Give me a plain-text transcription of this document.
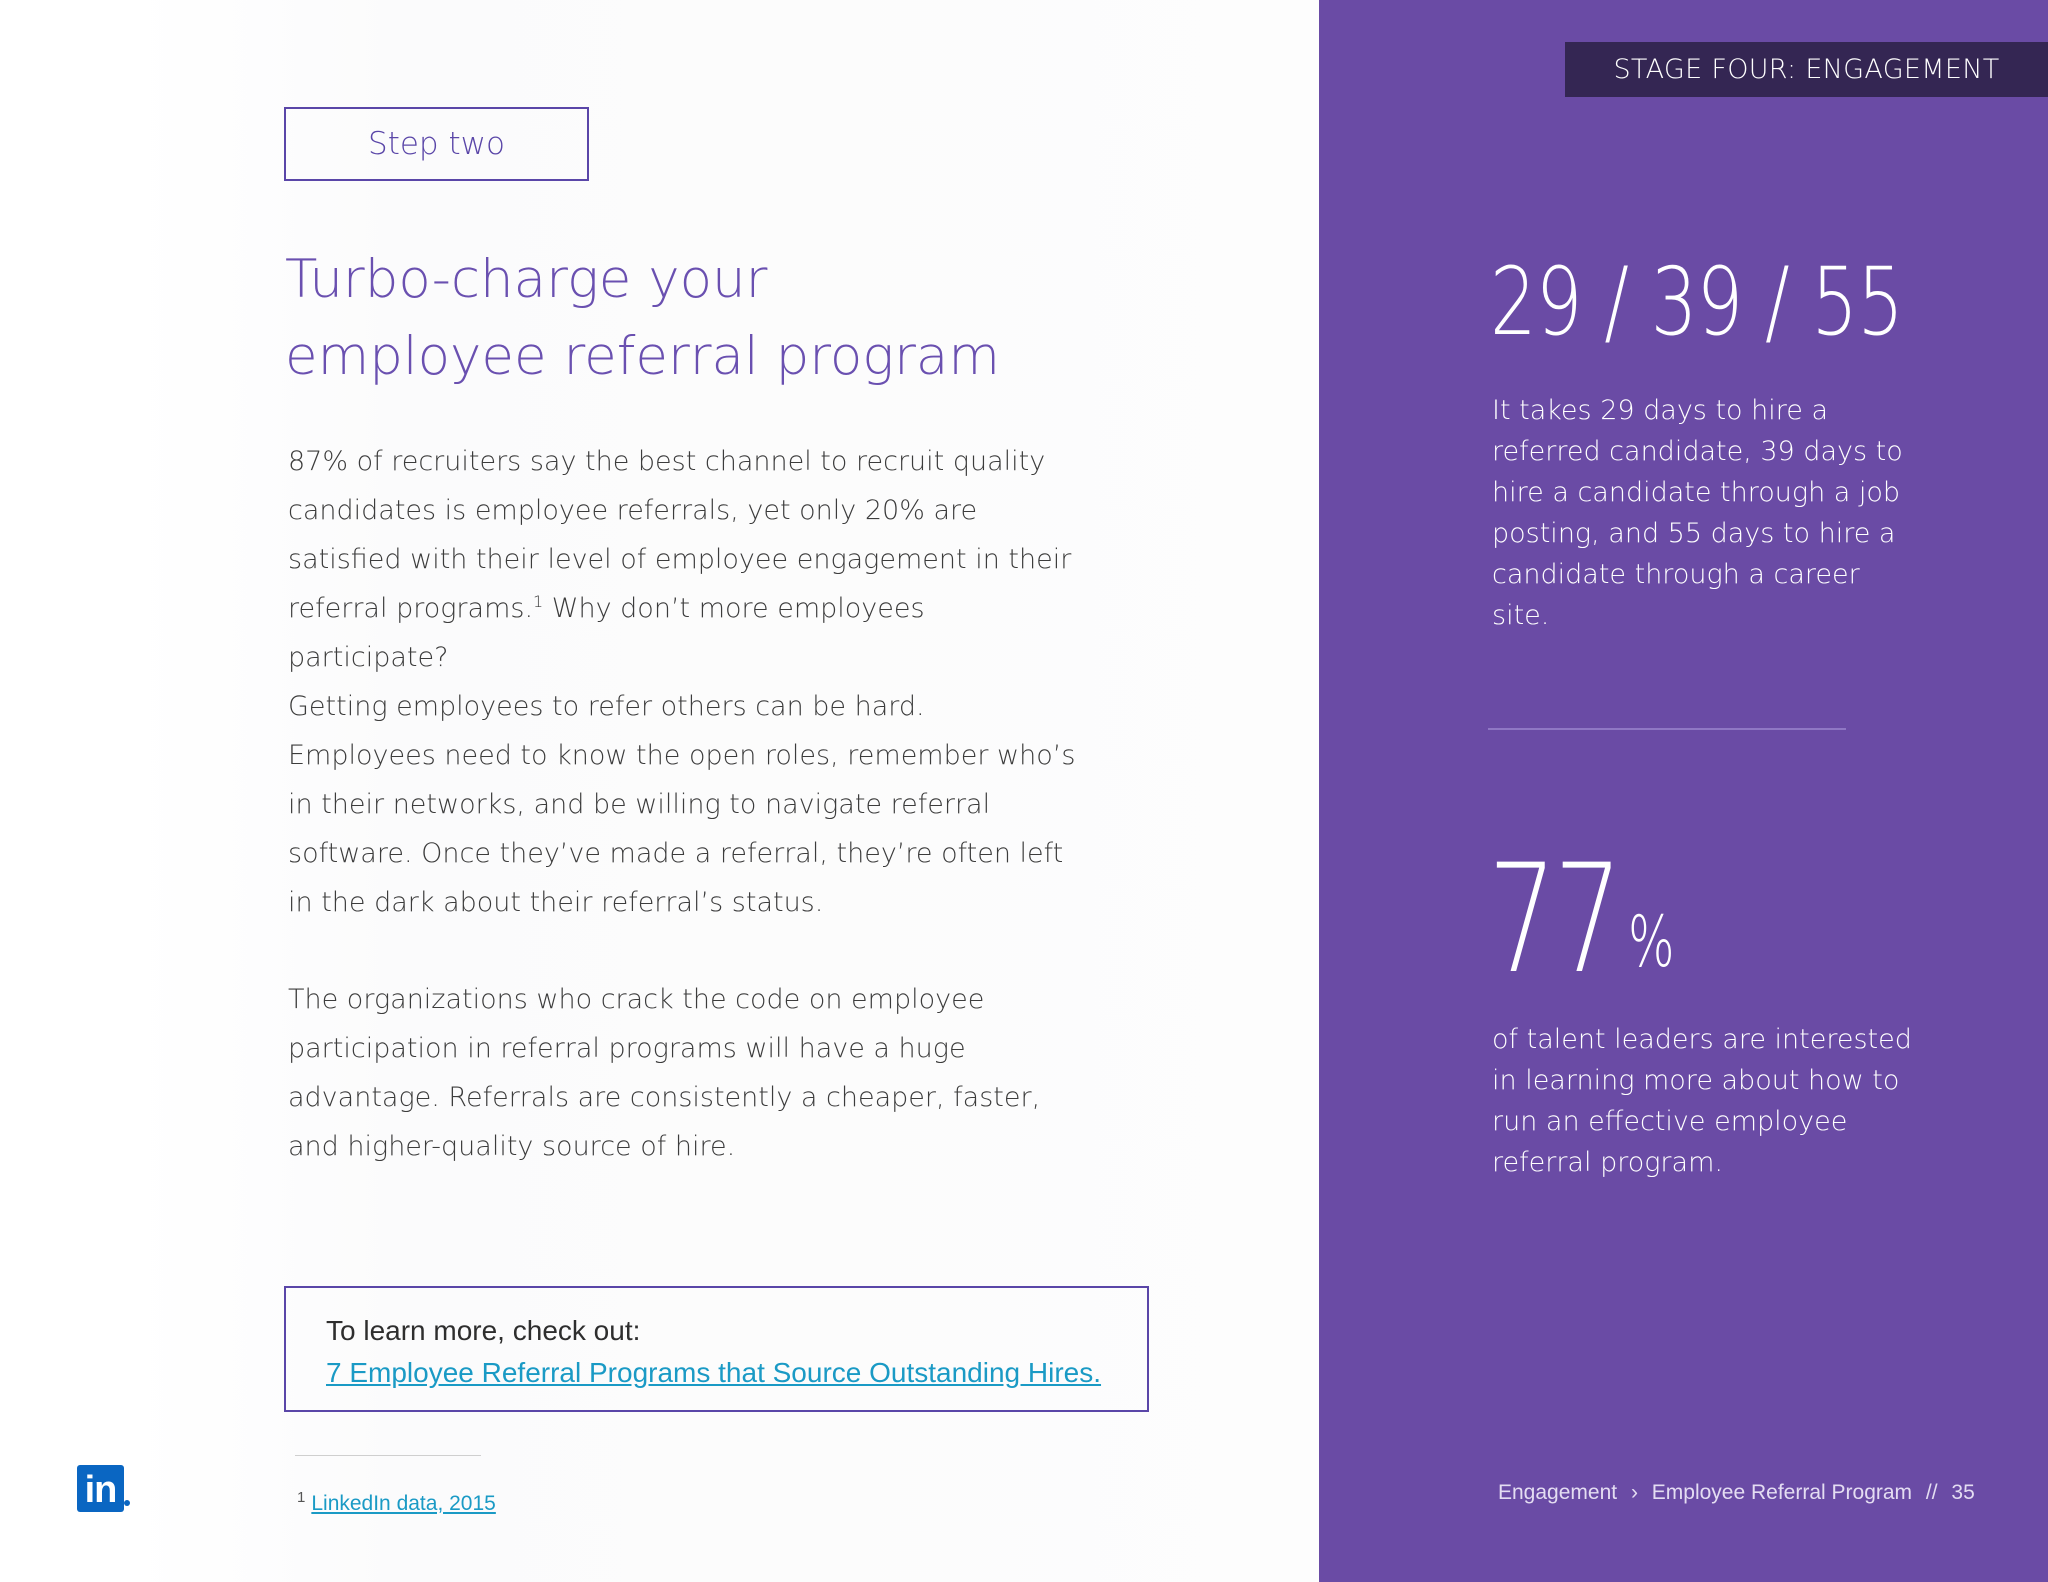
STAGE FOUR: ENGAGEMENT
Step two
Turbo-charge your
employee referral program

87% of recruiters say the best channel to recruit quality candidates is employee referrals, yet only 20% are satisfied with their level of employee engagement in their referral programs.$^1$ Why don’t more employees participate?

Getting employees to refer others can be hard. Employees need to know the open roles, remember who’s in their networks, and be willing to navigate referral software. Once they’ve made a referral, they’re often left in the dark about their referral’s status.

The organizations who crack the code on employee participation in referral programs will have a huge advantage. Referrals are consistently a cheaper, faster, and higher-quality source of hire.

To learn more, check out:
7 Employee Referral Programs that Source Outstanding Hires.
$^1$ LinkedIn data, 2015
in
29 / 39 / 55

It takes 29 days to hire a referred candidate, 39 days to hire a candidate through a job posting, and 55 days to hire a candidate through a career site.

77 %

of talent leaders are interested in learning more about how to run an effective employee referral program.

Engagement › Employee Referral Program // 35
